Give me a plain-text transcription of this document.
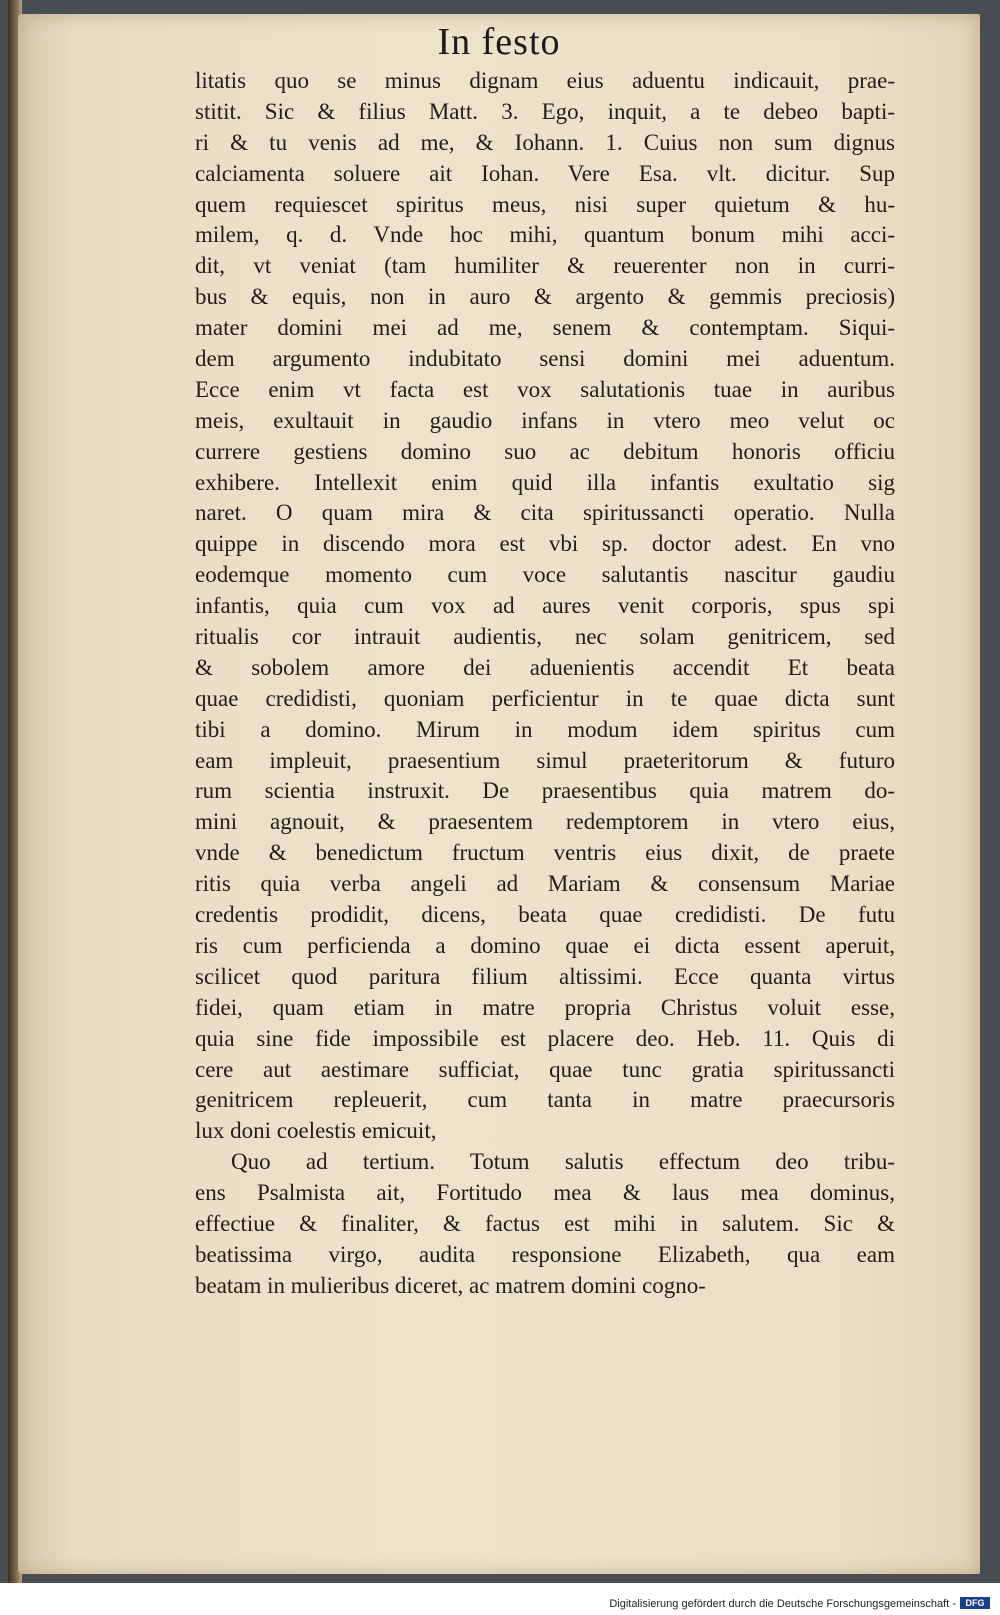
In festo
litatis quo se minus dignam eius aduentu indicauit, prae-
stitit. Sic & filius Matt. 3. Ego, inquit, a te debeo bapti-
ri & tu venis ad me, & Iohann. 1. Cuius non sum dignus
calciamenta soluere ait Iohan. Vere Esa. vlt. dicitur. Sup
quem requiescet spiritus meus, nisi super quietum & hu-
milem, q. d. Vnde hoc mihi, quantum bonum mihi acci-
dit, vt veniat (tam humiliter & reuerenter non in curri-
bus & equis, non in auro & argento & gemmis preciosis)
mater domini mei ad me, senem & contemptam. Siqui-
dem argumento indubitato sensi domini mei aduentum.
Ecce enim vt facta est vox salutationis tuae in auribus
meis, exultauit in gaudio infans in vtero meo velut oc
currere gestiens domino suo ac debitum honoris officiu
exhibere. Intellexit enim quid illa infantis exultatio sig
naret. O quam mira & cita spiritussancti operatio. Nulla
quippe in discendo mora est vbi sp. doctor adest. En vno
eodemque momento cum voce salutantis nascitur gaudiu
infantis, quia cum vox ad aures venit corporis, spus spi
ritualis cor intrauit audientis, nec solam genitricem, sed
& sobolem amore dei aduenientis accendit Et beata
quae credidisti, quoniam perficientur in te quae dicta sunt
tibi a domino. Mirum in modum idem spiritus cum
eam impleuit, praesentium simul praeteritorum & futuro
rum scientia instruxit. De praesentibus quia matrem do-
mini agnouit, & praesentem redemptorem in vtero eius,
vnde & benedictum fructum ventris eius dixit, de praete
ritis quia verba angeli ad Mariam & consensum Mariae
credentis prodidit, dicens, beata quae credidisti. De futu
ris cum perficienda a domino quae ei dicta essent aperuit,
scilicet quod paritura filium altissimi. Ecce quanta virtus
fidei, quam etiam in matre propria Christus voluit esse,
quia sine fide impossibile est placere deo. Heb. 11. Quis di
cere aut aestimare sufficiat, quae tunc gratia spiritussancti
genitricem repleuerit, cum tanta in matre praecursoris
lux doni coelestis emicuit,
Quo ad tertium. Totum salutis effectum deo tribu-
ens Psalmista ait, Fortitudo mea & laus mea dominus,
effectiue & finaliter, & factus est mihi in salutem. Sic &
beatissima virgo, audita responsione Elizabeth, qua eam
beatam in mulieribus diceret, ac matrem domini cogno-
Digitalisierung gefördert durch die Deutsche Forschungsgemeinschaft -	DFG
